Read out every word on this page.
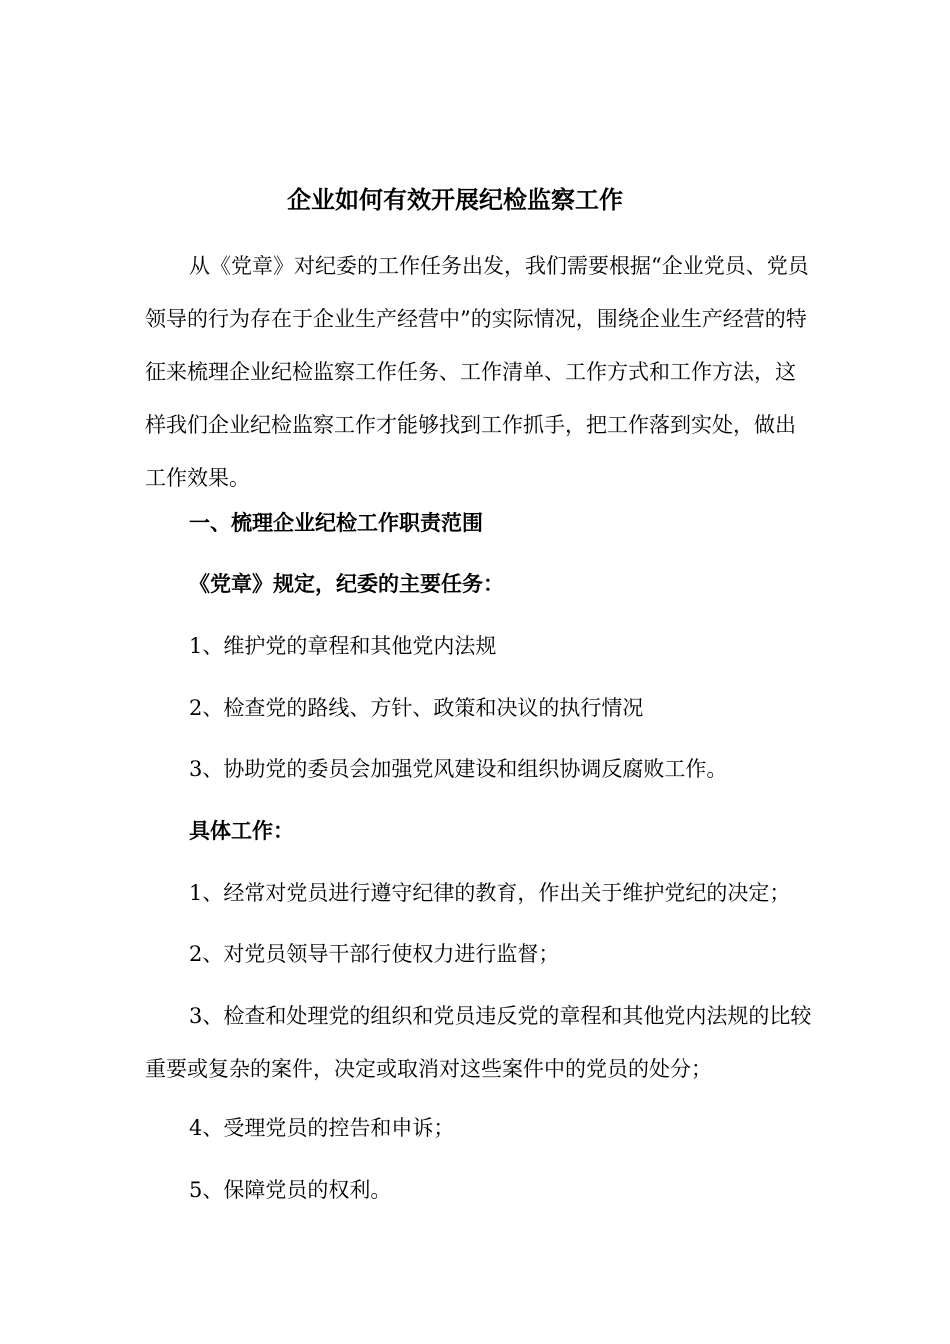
企业如何有效开展纪检监察工作
从《党章》对纪委的工作任务出发，我们需要根据“企业党员、党员领导的行为存在于企业生产经营中”的实际情况，围绕企业生产经营的特征来梳理企业纪检监察工作任务、工作清单、工作方式和工作方法，这样我们企业纪检监察工作才能够找到工作抓手，把工作落到实处，做出工作效果。
一、梳理企业纪检工作职责范围
《党章》规定，纪委的主要任务：
1、维护党的章程和其他党内法规
2、检查党的路线、方针、政策和决议的执行情况
3、协助党的委员会加强党风建设和组织协调反腐败工作。
具体工作：
1、经常对党员进行遵守纪律的教育，作出关于维护党纪的决定；
2、对党员领导干部行使权力进行监督；
3、检查和处理党的组织和党员违反党的章程和其他党内法规的比较重要或复杂的案件，决定或取消对这些案件中的党员的处分；
4、受理党员的控告和申诉；
5、保障党员的权利。
